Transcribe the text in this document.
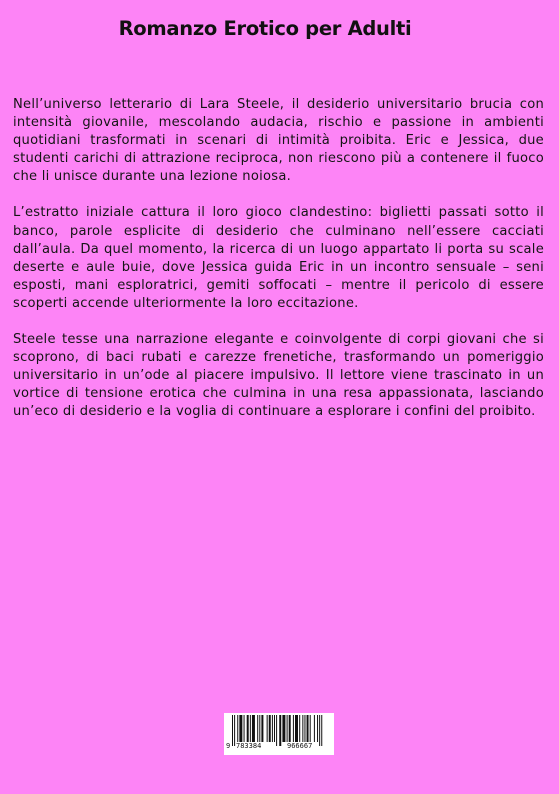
Romanzo Erotico per Adulti

Nell’universo letterario di Lara Steele, il desiderio universitario brucia con intensità giovanile, mescolando audacia, rischio e passione in ambienti quotidiani trasformati in scenari di intimità proibita. Eric e Jessica, due studenti carichi di attrazione reciproca, non riescono più a contenere il fuoco che li unisce durante una lezione noiosa.

L’estratto iniziale cattura il loro gioco clandestino: biglietti passati sotto il banco, parole esplicite di desiderio che culminano nell’essere cacciati dall’aula. Da quel momento, la ricerca di un luogo appartato li porta su scale deserte e aule buie, dove Jessica guida Eric in un incontro sensuale – seni esposti, mani esploratrici, gemiti soffocati – mentre il pericolo di essere scoperti accende ulteriormente la loro eccitazione.

Steele tesse una narrazione elegante e coinvolgente di corpi giovani che si scoprono, di baci rubati e carezze frenetiche, trasformando un pomeriggio universitario in un’ode al piacere impulsivo. Il lettore viene trascinato in un vortice di tensione erotica che culmina in una resa appassionata, lasciando un’eco di desiderio e la voglia di continuare a esplorare i confini del proibito.

9 783384	966667
